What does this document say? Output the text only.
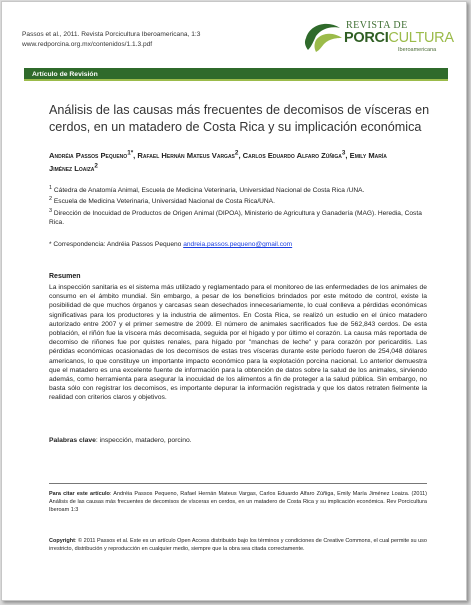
Passos et al., 2011. Revista Porcicultura Iberoamericana, 1:3
www.redporcina.org.mx/contenidos/1.1.3.pdf
REVISTA DE
PORCICULTURA
Iberoamericana
Artículo de Revisión
Análisis de las causas más frecuentes de decomisos de vísceras en cerdos, en un matadero de Costa Rica y su implicación económica
Andréia Passos Pequeno$^{1*}$, Rafael Hernán Mateus Vargas$^2$, Carlos Eduardo Alfaro Zúñiga$^3$, Emily María Jiménez Loaiza$^2$
$^1$ Cátedra de Anatomía Animal, Escuela de Medicina Veterinaria, Universidad Nacional de Costa Rica /UNA.
$^2$ Escuela de Medicina Veterinaria, Universidad Nacional de Costa Rica/UNA.
$^3$ Dirección de Inocuidad de Productos de Origen Animal (DIPOA), Ministerio de Agricultura y Ganadería (MAG). Heredia, Costa Rica.
* Correspondencia: Andréia Passos Pequeno andreia.passos.pequeno@gmail.com
Resumen
La inspección sanitaria es el sistema más utilizado y reglamentado para el monitoreo de las enfermedades de los animales de consumo en el ámbito mundial. Sin embargo, a pesar de los beneficios brindados por este método de control, existe la posibilidad de que muchos órganos y carcasas sean desechados innecesariamente, lo cual conlleva a pérdidas económicas significativas para los productores y la industria de alimentos. En Costa Rica, se realizó un estudio en el único matadero autorizado entre 2007 y el primer semestre de 2009. El número de animales sacrificados fue de 562,843 cerdos. De esta población, el riñón fue la víscera más decomisada, seguida por el hígado y por último el corazón. La causa más reportada de decomiso de riñones fue por quistes renales, para hígado por "manchas de leche" y para corazón por pericarditis. Las pérdidas económicas ocasionadas de los decomisos de estas tres vísceras durante este período fueron de 254,048 dólares americanos, lo que constituye un importante impacto económico para la explotación porcina nacional. Lo anterior demuestra que el matadero es una excelente fuente de información para la obtención de datos sobre la salud de los animales, sirviendo además, como herramienta para asegurar la inocuidad de los alimentos a fin de proteger a la salud pública. Sin embargo, no basta sólo con registrar los decomisos, es importante depurar la información registrada y que los datos retraten fielmente la realidad con criterios claros y objetivos.
Palabras clave: inspección, matadero, porcino.
Para citar este artículo: Andréia Passos Pequeno, Rafael Hernán Mateus Vargas, Carlos Eduardo Alfaro Zúñiga, Emily María Jiménez Loaiza. (2011) Análisis de las causas más frecuentes de decomisos de vísceras en cerdos, en un matadero de Costa Rica y su implicación económica. Rev Porcicultura Iberoam 1:3
Copyright: © 2011 Passos et al. Este es un artículo Open Access distribuido bajo los términos y condiciones de Creative Commons, el cual permite su uso irrestricto, distribución y reproducción en cualquier medio, siempre que la obra sea citada correctamente.
